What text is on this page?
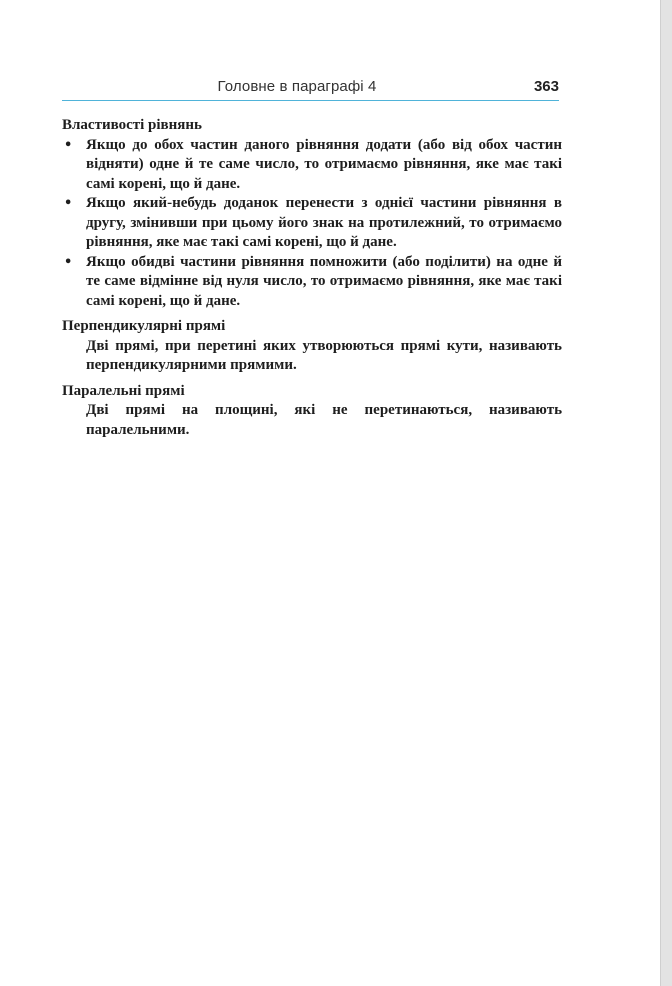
Головне в параграфі 4	363

Властивості рівнянь

• Якщо до обох частин даного рівняння додати (або від обох частин відняти) одне й те саме число, то отримаємо рівняння, яке має такі самі корені, що й дане.
• Якщо який-небудь доданок перенести з однієї частини рівняння в другу, змінивши при цьому його знак на протилежний, то отримаємо рівняння, яке має такі самі корені, що й дане.
• Якщо обидві частини рівняння помножити (або поділити) на одне й те саме відмінне від нуля число, то отримаємо рівняння, яке має такі самі корені, що й дане.

Перпендикулярні прямі

Дві прямі, при перетині яких утворюються прямі кути, називають перпендикулярними прямими.

Паралельні прямі

Дві прямі на площині, які не перетинаються, називають паралельними.
